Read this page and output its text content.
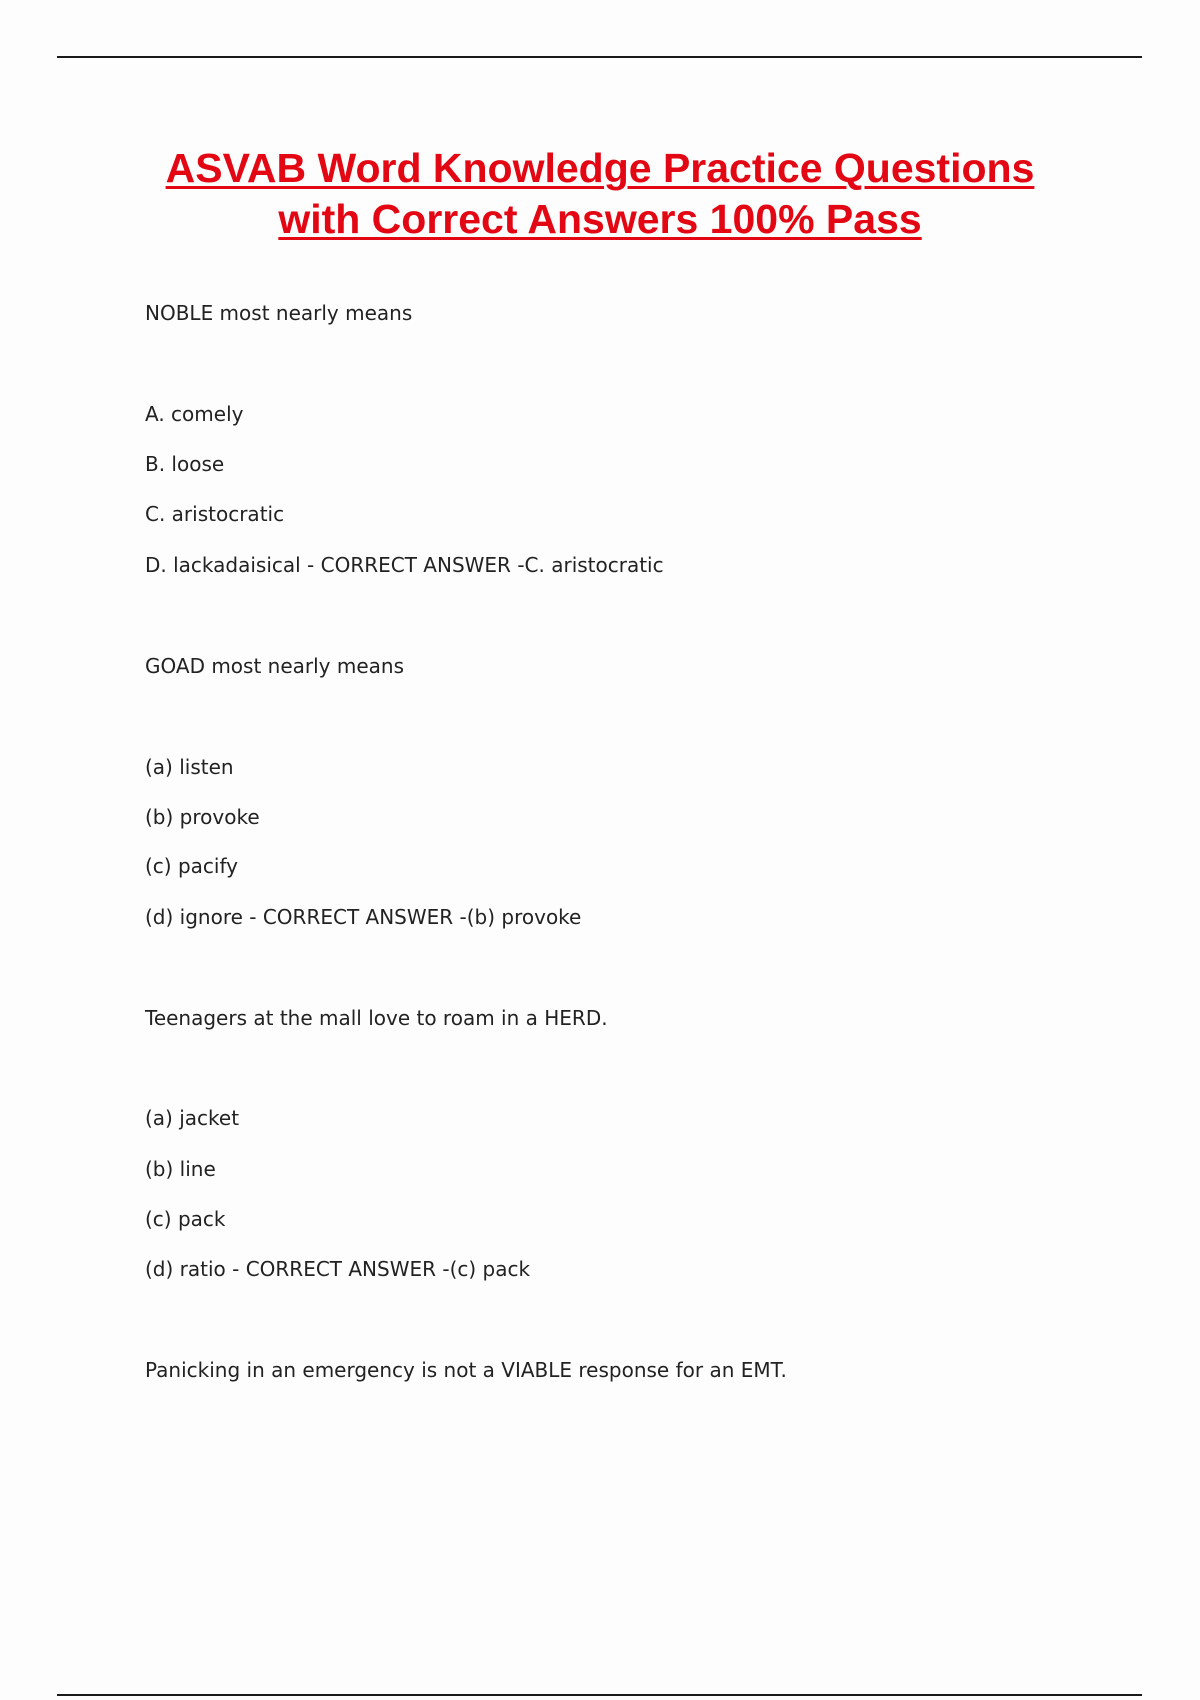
ASVAB Word Knowledge Practice Questions
with Correct Answers 100% Pass
NOBLE most nearly means
A. comely
B. loose
C. aristocratic
D. lackadaisical - CORRECT ANSWER -C. aristocratic
GOAD most nearly means
(a) listen
(b) provoke
(c) pacify
(d) ignore - CORRECT ANSWER -(b) provoke
Teenagers at the mall love to roam in a HERD.
(a) jacket
(b) line
(c) pack
(d) ratio - CORRECT ANSWER -(c) pack
Panicking in an emergency is not a VIABLE response for an EMT.
